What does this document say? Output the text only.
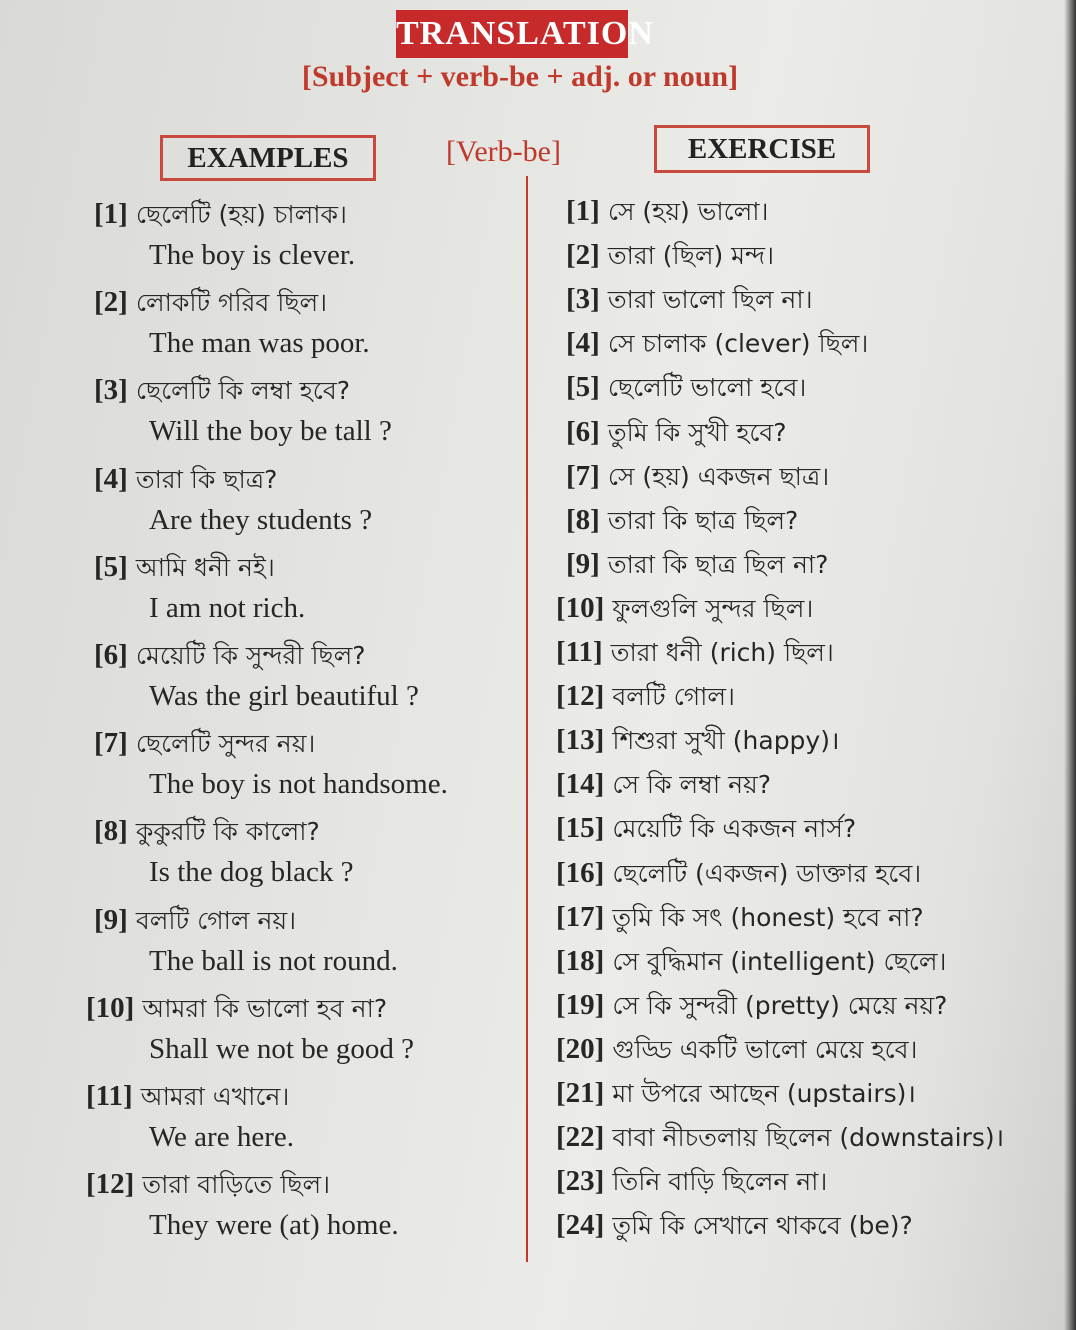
TRANSLATION
[Subject + verb-be + adj. or noun]
EXAMPLES	[Verb-be]	EXERCISE
[1] ছেলেটি (হয়) চালাক।
The boy is clever.
[2] লোকটি গরিব ছিল।
The man was poor.
[3] ছেলেটি কি লম্বা হবে?
Will the boy be tall ?
[4] তারা কি ছাত্র?
Are they students ?
[5] আমি ধনী নই।
I am not rich.
[6] মেয়েটি কি সুন্দরী ছিল?
Was the girl beautiful ?
[7] ছেলেটি সুন্দর নয়।
The boy is not handsome.
[8] কুকুরটি কি কালো?
Is the dog black ?
[9] বলটি গোল নয়।
The ball is not round.
[10] আমরা কি ভালো হব না?
Shall we not be good ?
[11] আমরা এখানে।
We are here.
[12] তারা বাড়িতে ছিল।
They were (at) home.
[1] সে (হয়) ভালো।
[2] তারা (ছিল) মন্দ।
[3] তারা ভালো ছিল না।
[4] সে চালাক (clever) ছিল।
[5] ছেলেটি ভালো হবে।
[6] তুমি কি সুখী হবে?
[7] সে (হয়) একজন ছাত্র।
[8] তারা কি ছাত্র ছিল?
[9] তারা কি ছাত্র ছিল না?
[10] ফুলগুলি সুন্দর ছিল।
[11] তারা ধনী (rich) ছিল।
[12] বলটি গোল।
[13] শিশুরা সুখী (happy)।
[14] সে কি লম্বা নয়?
[15] মেয়েটি কি একজন নার্স?
[16] ছেলেটি (একজন) ডাক্তার হবে।
[17] তুমি কি সৎ (honest) হবে না?
[18] সে বুদ্ধিমান (intelligent) ছেলে।
[19] সে কি সুন্দরী (pretty) মেয়ে নয়?
[20] গুড্ডি একটি ভালো মেয়ে হবে।
[21] মা উপরে আছেন (upstairs)।
[22] বাবা নীচতলায় ছিলেন (downstairs)।
[23] তিনি বাড়ি ছিলেন না।
[24] তুমি কি সেখানে থাকবে (be)?
